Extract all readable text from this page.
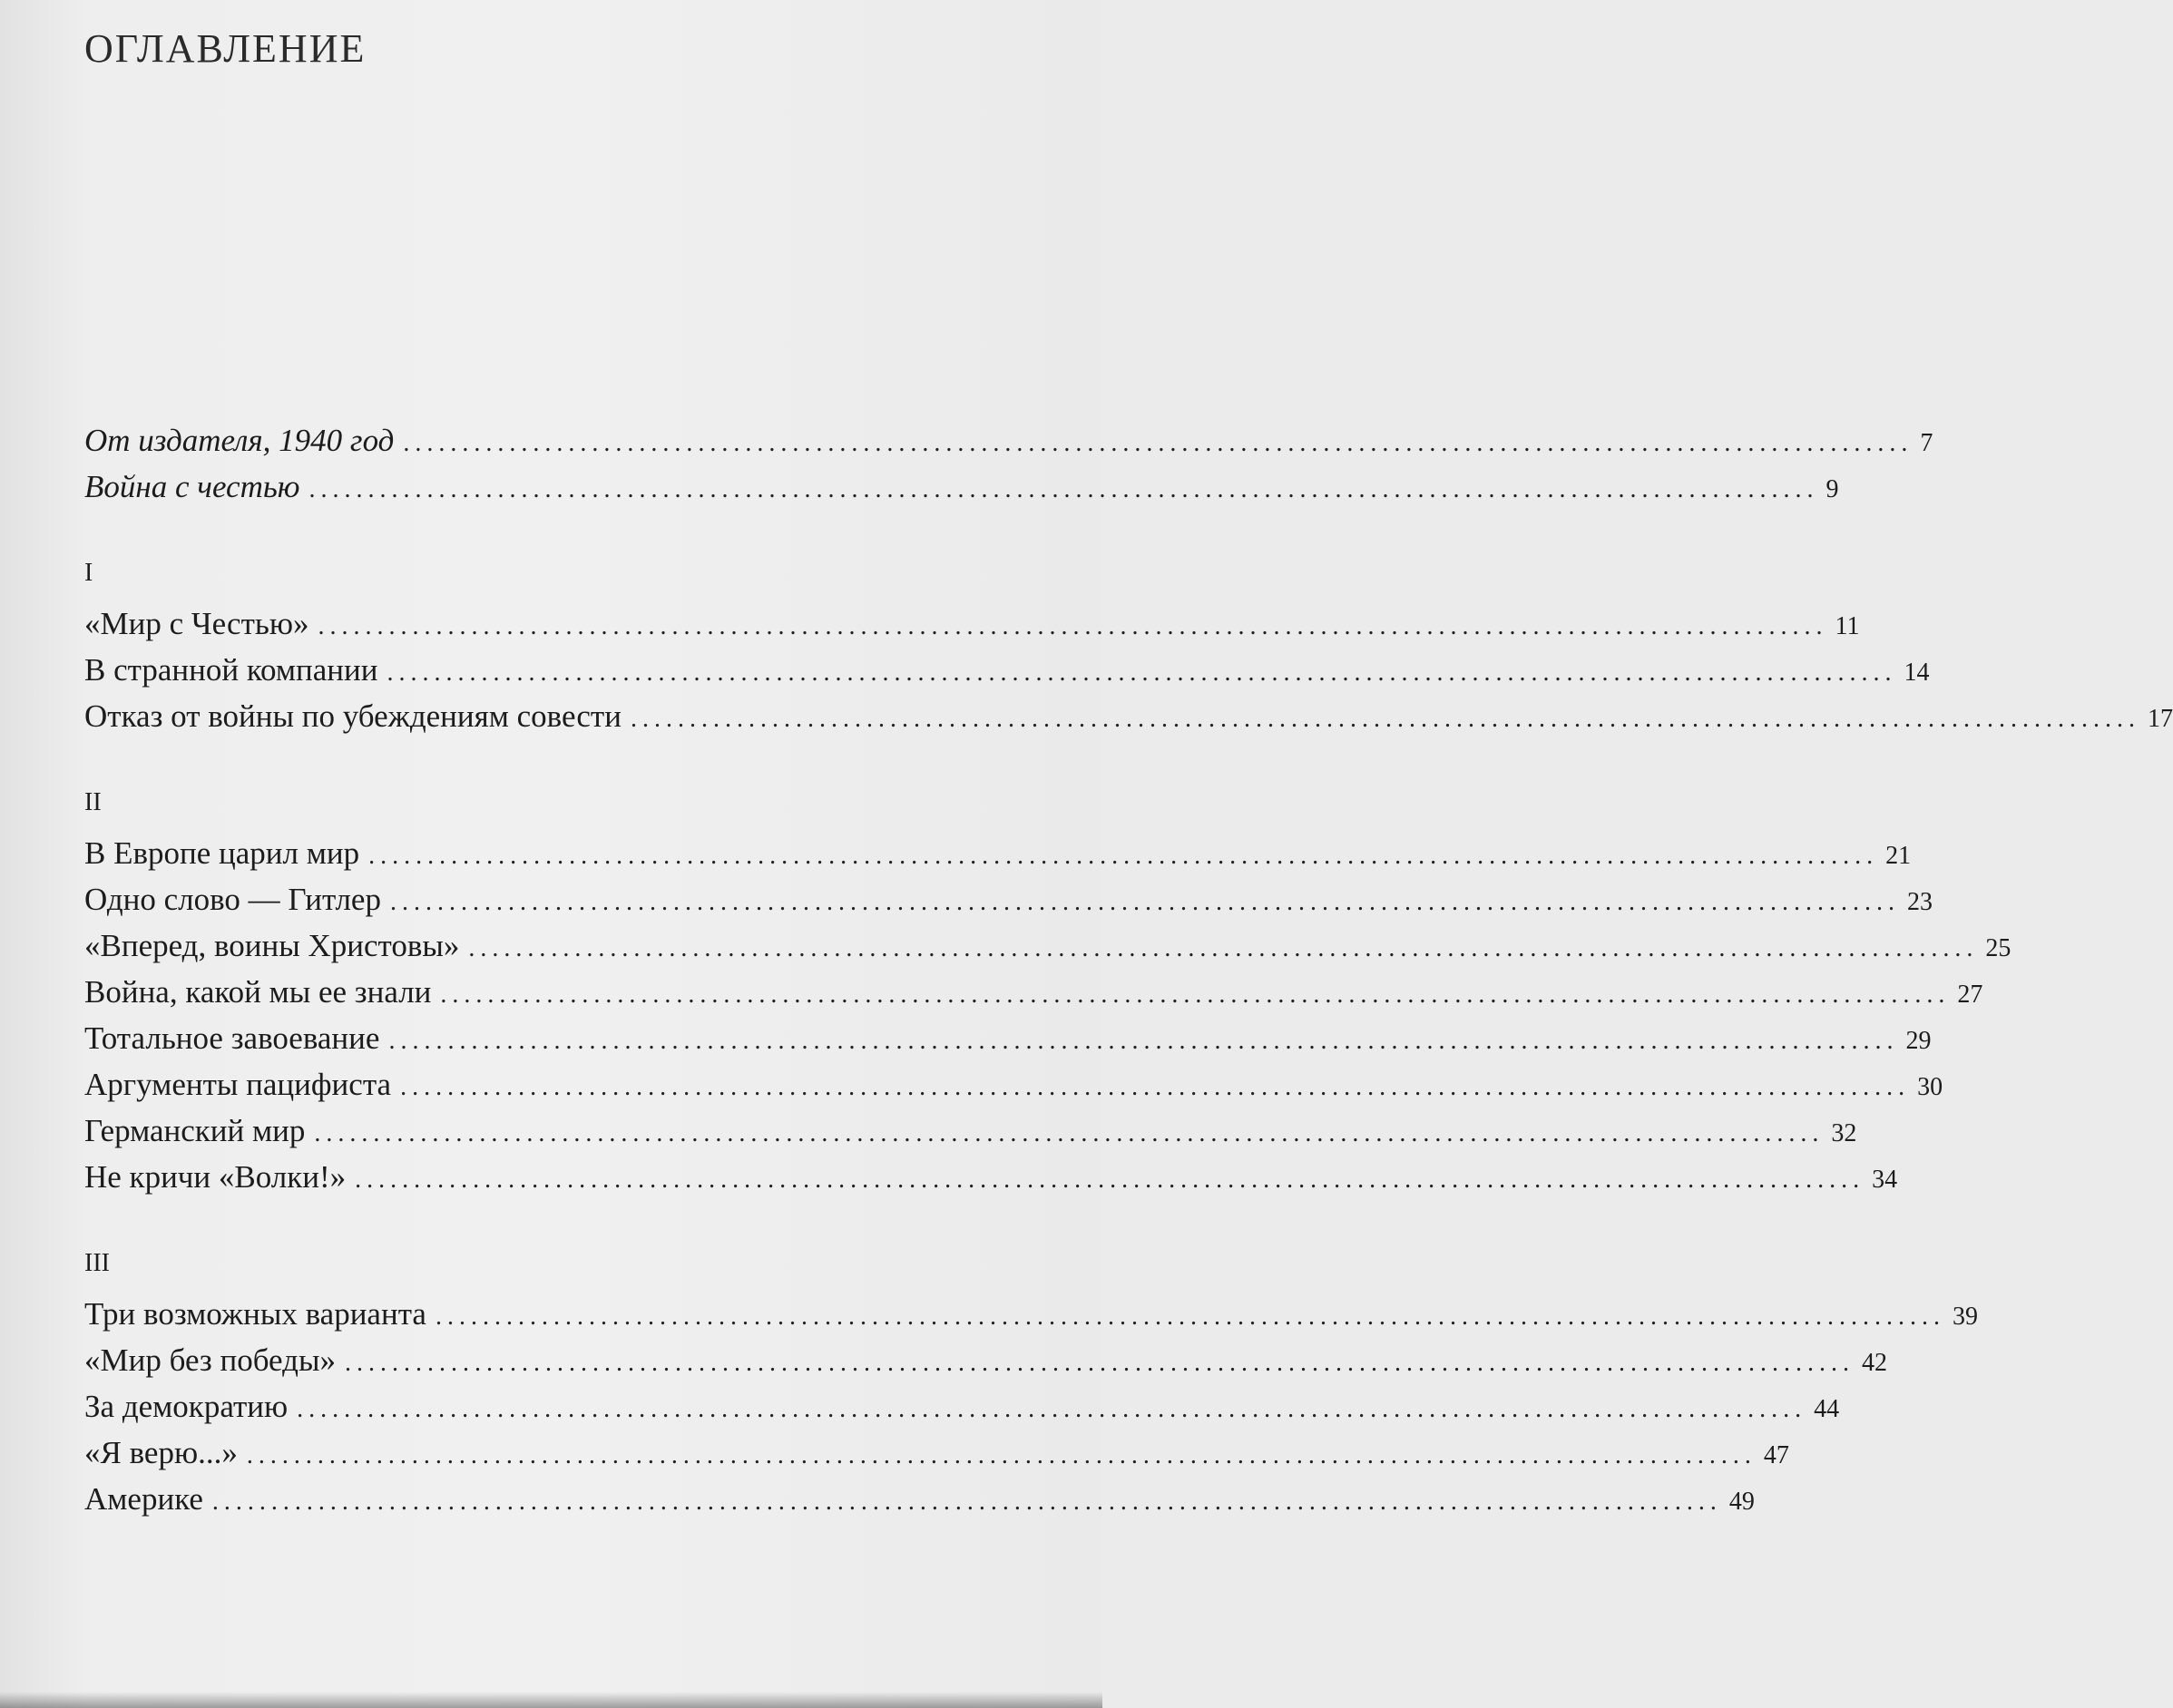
ОГЛАВЛЕНИЕ
От издателя, 1940 год ................................................................................................................................ 7
Война с честью ................................................................................................................................ 9
I
«Мир с Честью» ................................................................................................................................ 11
В странной компании ................................................................................................................................ 14
Отказ от войны по убеждениям совести ................................................................................................................................ 17
II
В Европе царил мир ................................................................................................................................ 21
Одно слово — Гитлер ................................................................................................................................ 23
«Вперед, воины Христовы» ................................................................................................................................ 25
Война, какой мы ее знали ................................................................................................................................ 27
Тотальное завоевание ................................................................................................................................ 29
Аргументы пацифиста ................................................................................................................................ 30
Германский мир ................................................................................................................................ 32
Не кричи «Волки!» ................................................................................................................................ 34
III
Три возможных варианта ................................................................................................................................ 39
«Мир без победы» ................................................................................................................................ 42
За демократию ................................................................................................................................ 44
«Я верю...» ................................................................................................................................ 47
Америке ................................................................................................................................ 49
